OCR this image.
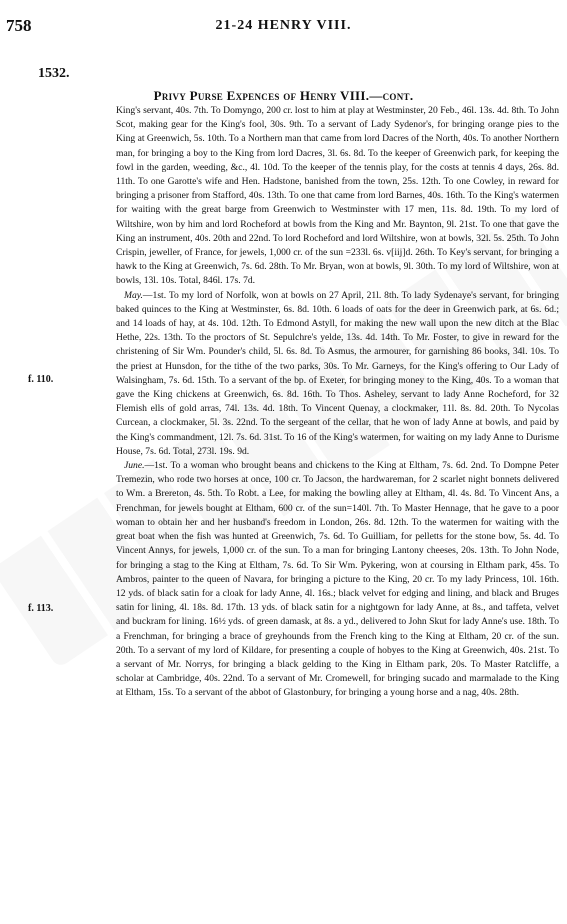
758	21-24 HENRY VIII.
1532.
Privy Purse Expences of Henry VIII.—cont.
f. 110.
f. 113.

King's servant, 40s. 7th. To Domyngo, 200 cr. lost to him at play at Westminster, 20 Feb., 46l. 13s. 4d. 8th. To John Scot, making gear for the King's fool, 30s. 9th. To a servant of Lady Sydenor's, for bringing orange pies to the King at Greenwich, 5s. 10th. To a Northern man that came from lord Dacres of the North, 40s. To another Northern man, for bringing a boy to the King from lord Dacres, 3l. 6s. 8d. To the keeper of Greenwich park, for keeping the fowl in the garden, weeding, &c., 4l. 10d. To the keeper of the tennis play, for the costs at tennis 4 days, 26s. 8d. 11th. To one Garotte's wife and Hen. Hadstone, banished from the town, 25s. 12th. To one Cowley, in reward for bringing a prisoner from Stafford, 40s. 13th. To one that came from lord Barnes, 40s. 16th. To the King's watermen for waiting with the great barge from Greenwich to Westminster with 17 men, 11s. 8d. 19th. To my lord of Wiltshire, won by him and lord Rocheford at bowls from the King and Mr. Baynton, 9l. 21st. To one that gave the King an instrument, 40s. 20th and 22nd. To lord Rocheford and lord Wiltshire, won at bowls, 32l. 5s. 25th. To John Crispin, jeweller, of France, for jewels, 1,000 cr. of the sun =233l. 6s. v[iij]d. 26th. To Key's servant, for bringing a hawk to the King at Greenwich, 7s. 6d. 28th. To Mr. Bryan, won at bowls, 9l. 30th. To my lord of Wiltshire, won at bowls, 13l. 10s. Total, 846l. 17s. 7d.

May.—1st. To my lord of Norfolk, won at bowls on 27 April, 21l. 8th. To lady Sydenaye's servant, for bringing baked quinces to the King at Westminster, 6s. 8d. 10th. 6 loads of oats for the deer in Greenwich park, at 6s. 6d.; and 14 loads of hay, at 4s. 10d. 12th. To Edmond Astyll, for making the new wall upon the new ditch at the Blac Hethe, 22s. 13th. To the proctors of St. Sepulchre's yelde, 13s. 4d. 14th. To Mr. Foster, to give in reward for the christening of Sir Wm. Pounder's child, 5l. 6s. 8d. To Asmus, the armourer, for garnishing 86 books, 34l. 10s. To the priest at Hunsdon, for the tithe of the two parks, 30s. To Mr. Garneys, for the King's offering to Our Lady of Walsingham, 7s. 6d. 15th. To a servant of the bp. of Exeter, for bringing money to the King, 40s. To a woman that gave the King chickens at Greenwich, 6s. 8d. 16th. To Thos. Asheley, servant to lady Anne Rocheford, for 32 Flemish ells of gold arras, 74l. 13s. 4d. 18th. To Vincent Quenay, a clockmaker, 11l. 8s. 8d. 20th. To Nycolas Curcean, a clockmaker, 5l. 3s. 22nd. To the sergeant of the cellar, that he won of lady Anne at bowls, and paid by the King's commandment, 12l. 7s. 6d. 31st. To 16 of the King's watermen, for waiting on my lady Anne to Durisme House, 7s. 6d. Total, 273l. 19s. 9d.

June.—1st. To a woman who brought beans and chickens to the King at Eltham, 7s. 6d. 2nd. To Dompne Peter Tremezin, who rode two horses at once, 100 cr. To Jacson, the hardwareman, for 2 scarlet night bonnets delivered to Wm. a Brereton, 4s. 5th. To Robt. a Lee, for making the bowling alley at Eltham, 4l. 4s. 8d. To Vincent Ans, a Frenchman, for jewels bought at Eltham, 600 cr. of the sun=140l. 7th. To Master Hennage, that he gave to a poor woman to obtain her and her husband's freedom in London, 26s. 8d. 12th. To the watermen for waiting with the great boat when the fish was hunted at Greenwich, 7s. 6d. To Guilliam, for pelletts for the stone bow, 5s. 4d. To Vincent Annys, for jewels, 1,000 cr. of the sun. To a man for bringing Lantony cheeses, 20s. 13th. To John Node, for bringing a stag to the King at Eltham, 7s. 6d. To Sir Wm. Pykering, won at coursing in Eltham park, 45s. To Ambros, painter to the queen of Navara, for bringing a picture to the King, 20 cr. To my lady Princess, 10l. 16th. 12 yds. of black satin for a cloak for lady Anne, 4l. 16s.; black velvet for edging and lining, and black and Bruges satin for lining, 4l. 18s. 8d. 17th. 13 yds. of black satin for a nightgown for lady Anne, at 8s., and taffeta, velvet and buckram for lining. 16½ yds. of green damask, at 8s. a yd., delivered to John Skut for lady Anne's use. 18th. To a Frenchman, for bringing a brace of greyhounds from the French king to the King at Eltham, 20 cr. of the sun. 20th. To a servant of my lord of Kildare, for presenting a couple of hobyes to the King at Greenwich, 40s. 21st. To a servant of Mr. Norrys, for bringing a black gelding to the King in Eltham park, 20s. To Master Ratcliffe, a scholar at Cambridge, 40s. 22nd. To a servant of Mr. Cromewell, for bringing sucado and marmalade to the King at Eltham, 15s. To a servant of the abbot of Glastonbury, for bringing a young horse and a nag, 40s. 28th.
